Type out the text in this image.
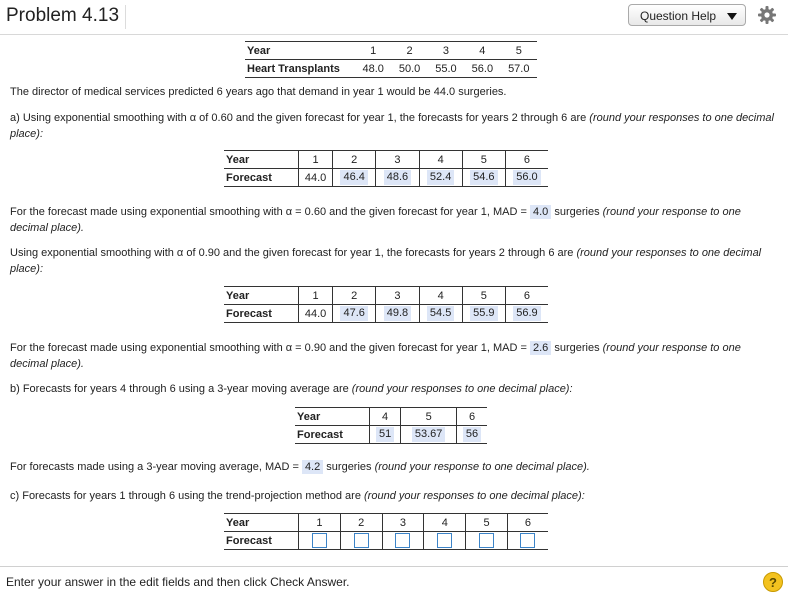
Problem 4.13	Question Help
Year	1	2	3	4	5
Heart Transplants	48.0	50.0	55.0	56.0	57.0
The director of medical services predicted 6 years ago that demand in year 1 would be 44.0 surgeries.
a) Using exponential smoothing with α of 0.60 and the given forecast for year 1, the forecasts for years 2 through 6 are (round your responses to one decimal place):
Year	1	2	3	4	5	6
Forecast	44.0	46.4	48.6	52.4	54.6	56.0
For the forecast made using exponential smoothing with α = 0.60 and the given forecast for year 1, MAD = 4.0 surgeries (round your response to one decimal place).
Using exponential smoothing with α of 0.90 and the given forecast for year 1, the forecasts for years 2 through 6 are (round your responses to one decimal place):
Year	1	2	3	4	5	6
Forecast	44.0	47.6	49.8	54.5	55.9	56.9
For the forecast made using exponential smoothing with α = 0.90 and the given forecast for year 1, MAD = 2.6 surgeries (round your response to one decimal place).
b) Forecasts for years 4 through 6 using a 3-year moving average are (round your responses to one decimal place):
Year	4	5	6
Forecast	51	53.67	56
For forecasts made using a 3-year moving average, MAD = 4.2 surgeries (round your response to one decimal place).
c) Forecasts for years 1 through 6 using the trend-projection method are (round your responses to one decimal place):
Year	1	2	3	4	5	6
Forecast						
Enter your answer in the edit fields and then click Check Answer.	?
